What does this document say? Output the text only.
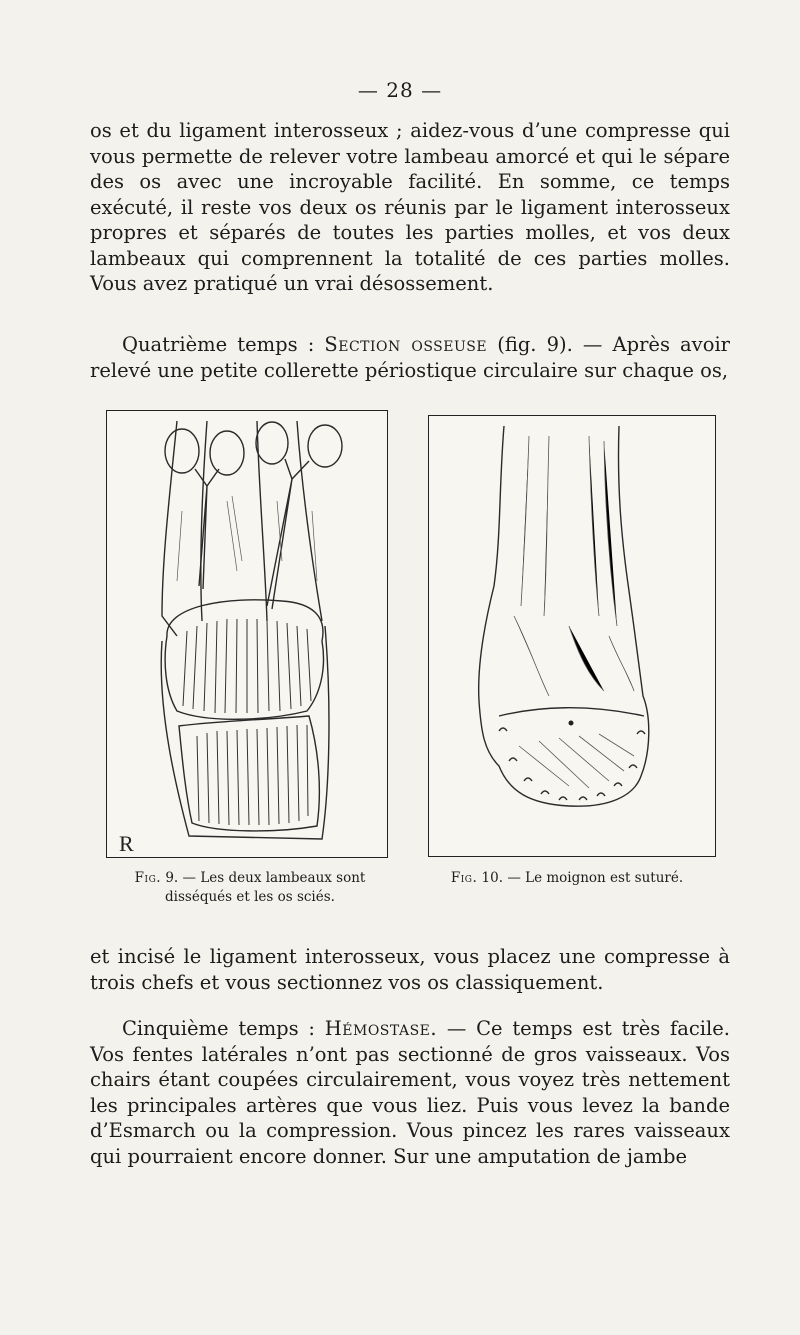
— 28 —

os et du ligament interosseux ; aidez-vous d’une compresse qui vous permette de relever votre lambeau amorcé et qui le sépare des os avec une incroyable facilité. En somme, ce temps exécuté, il reste vos deux os réunis par le ligament interosseux propres et séparés de toutes les parties molles, et vos deux lambeaux qui comprennent la totalité de ces parties molles. Vous avez pratiqué un vrai désossement.

Quatrième temps : Section osseuse (fig. 9). — Après avoir relevé une petite collerette périostique circulaire sur chaque os,

R
Fig. 9. — Les deux lambeaux sont disséqués et les os sciés.
Fig. 10. — Le moignon est suturé.

et incisé le ligament interosseux, vous placez une compresse à trois chefs et vous sectionnez vos os classiquement.

Cinquième temps : Hémostase. — Ce temps est très facile. Vos fentes latérales n’ont pas sectionné de gros vaisseaux. Vos chairs étant coupées circulairement, vous voyez très nettement les principales artères que vous liez. Puis vous levez la bande d’Esmarch ou la compression. Vous pincez les rares vaisseaux qui pourraient encore donner. Sur une amputation de jambe
